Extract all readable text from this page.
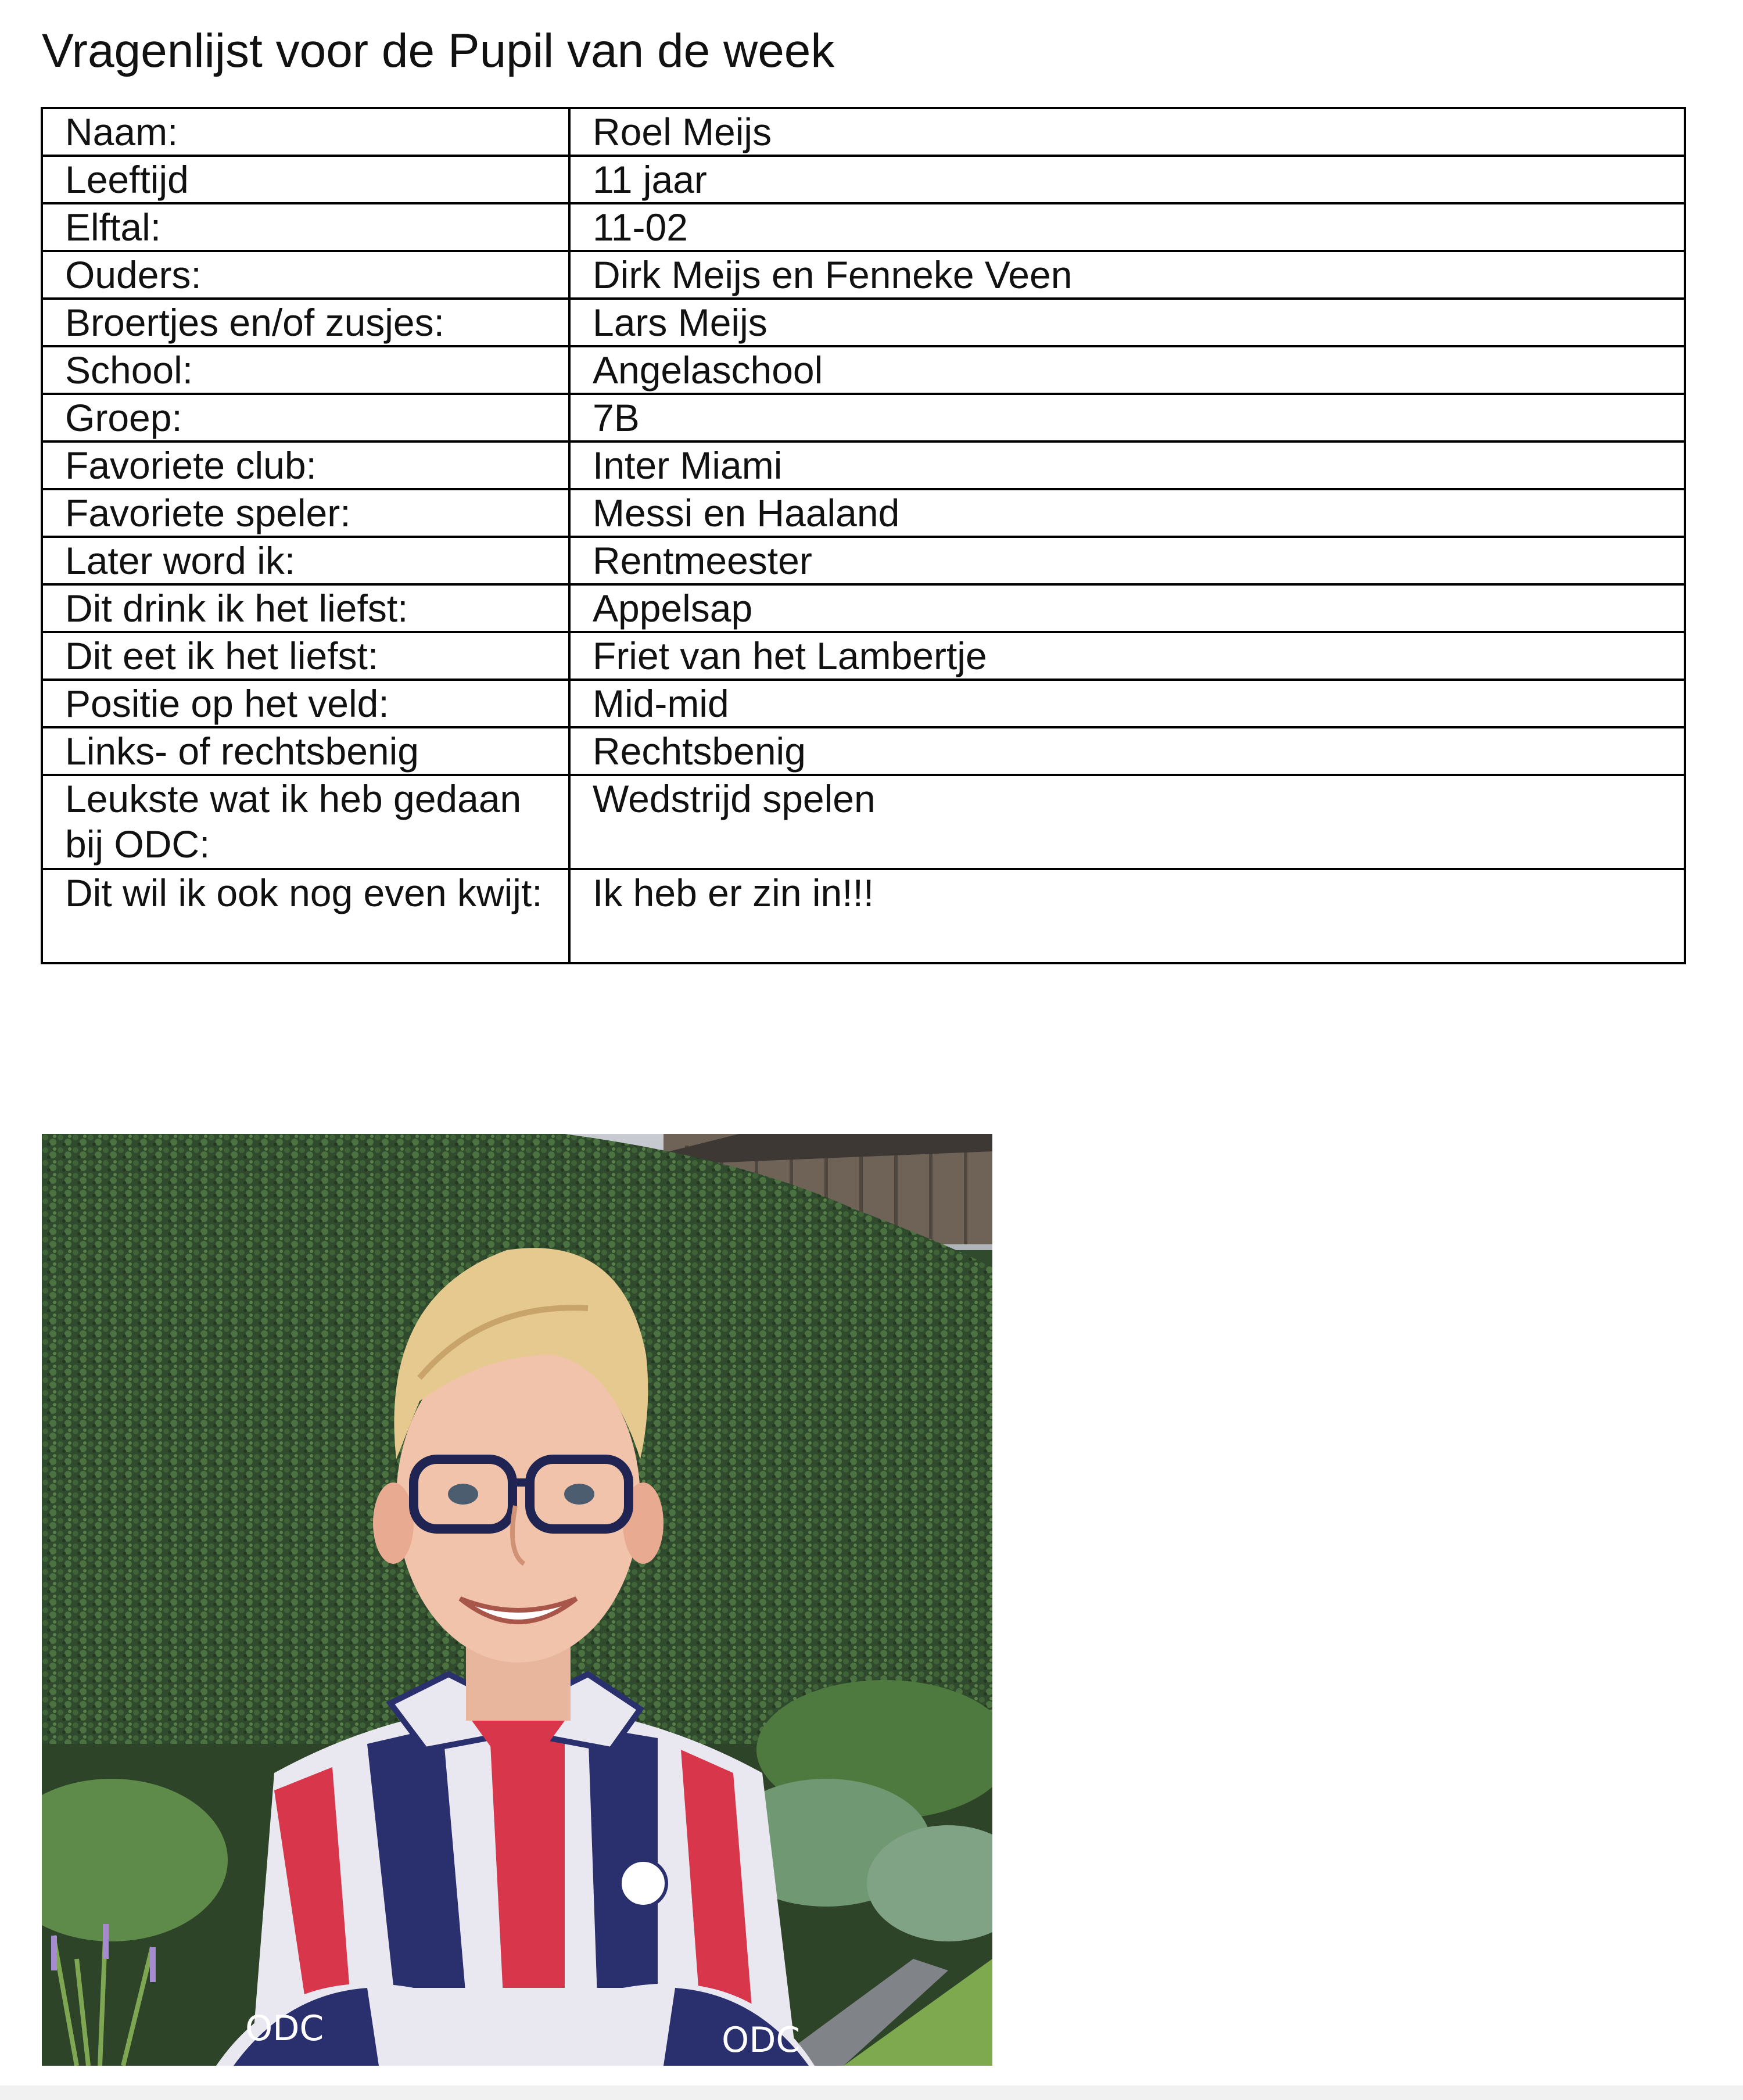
Vragenlijst voor de Pupil van de week
Naam:	Roel Meijs
Leeftijd	11 jaar
Elftal:	11-02
Ouders:	Dirk Meijs en Fenneke Veen
Broertjes en/of zusjes:	Lars Meijs
School:	Angelaschool
Groep:	7B
Favoriete club:	Inter Miami
Favoriete speler:	Messi en Haaland
Later word ik:	Rentmeester
Dit drink ik het liefst:	Appelsap
Dit eet ik het liefst:	Friet van het Lambertje
Positie op het veld:	Mid-mid
Links- of rechtsbenig	Rechtsbenig
Leukste wat ik heb gedaan bij ODC:	Wedstrijd spelen
Dit wil ik ook nog even kwijt:	Ik heb er zin in!!!
ODC	ODC
